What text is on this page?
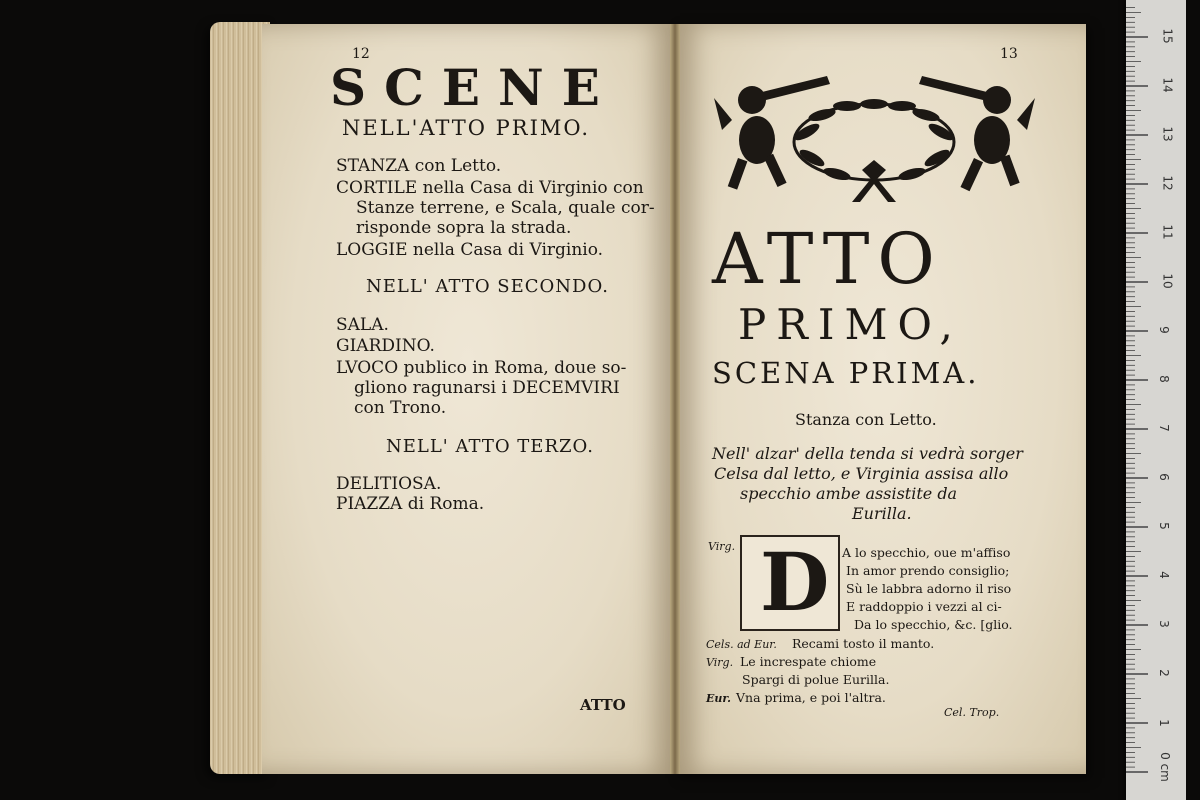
12
SCENE
NELL'ATTO PRIMO.
STANZA con Letto.
CORTILE nella Casa di Virginio con
Stanze terrene, e Scala, quale cor-
risponde sopra la strada.
LOGGIE nella Casa di Virginio.
NELL' ATTO SECONDO.
SALA.
GIARDINO.
LVOCO publico in Roma, doue so-
gliono ragunarsi i DECEMVIRI
con Trono.
NELL' ATTO TERZO.
DELITIOSA.
PIAZZA di Roma.
ATTO
13
ATTO
PRIMO,
SCENA PRIMA.
Stanza con Letto.
Nell' alzar' della tenda si vedrà sorger
Celsa dal letto, e Virginia assisa allo
specchio ambe assistite da
Eurilla.
D
Virg.	A lo specchio, oue m'affiso
In amor prendo consiglio;
Sù le labbra adorno il riso
E raddoppio i vezzi al ci-
Da lo specchio, &c. [glio.
Cels. ad Eur. Recami tosto il manto.
Virg. Le increspate chiome
Spargi di polue Eurilla.
Eur. Vna prima, e poi l'altra.
Cel. Trop.
0 cm
1
2
3
4
5
6
7
8
9
10
11
12
13
14
15
